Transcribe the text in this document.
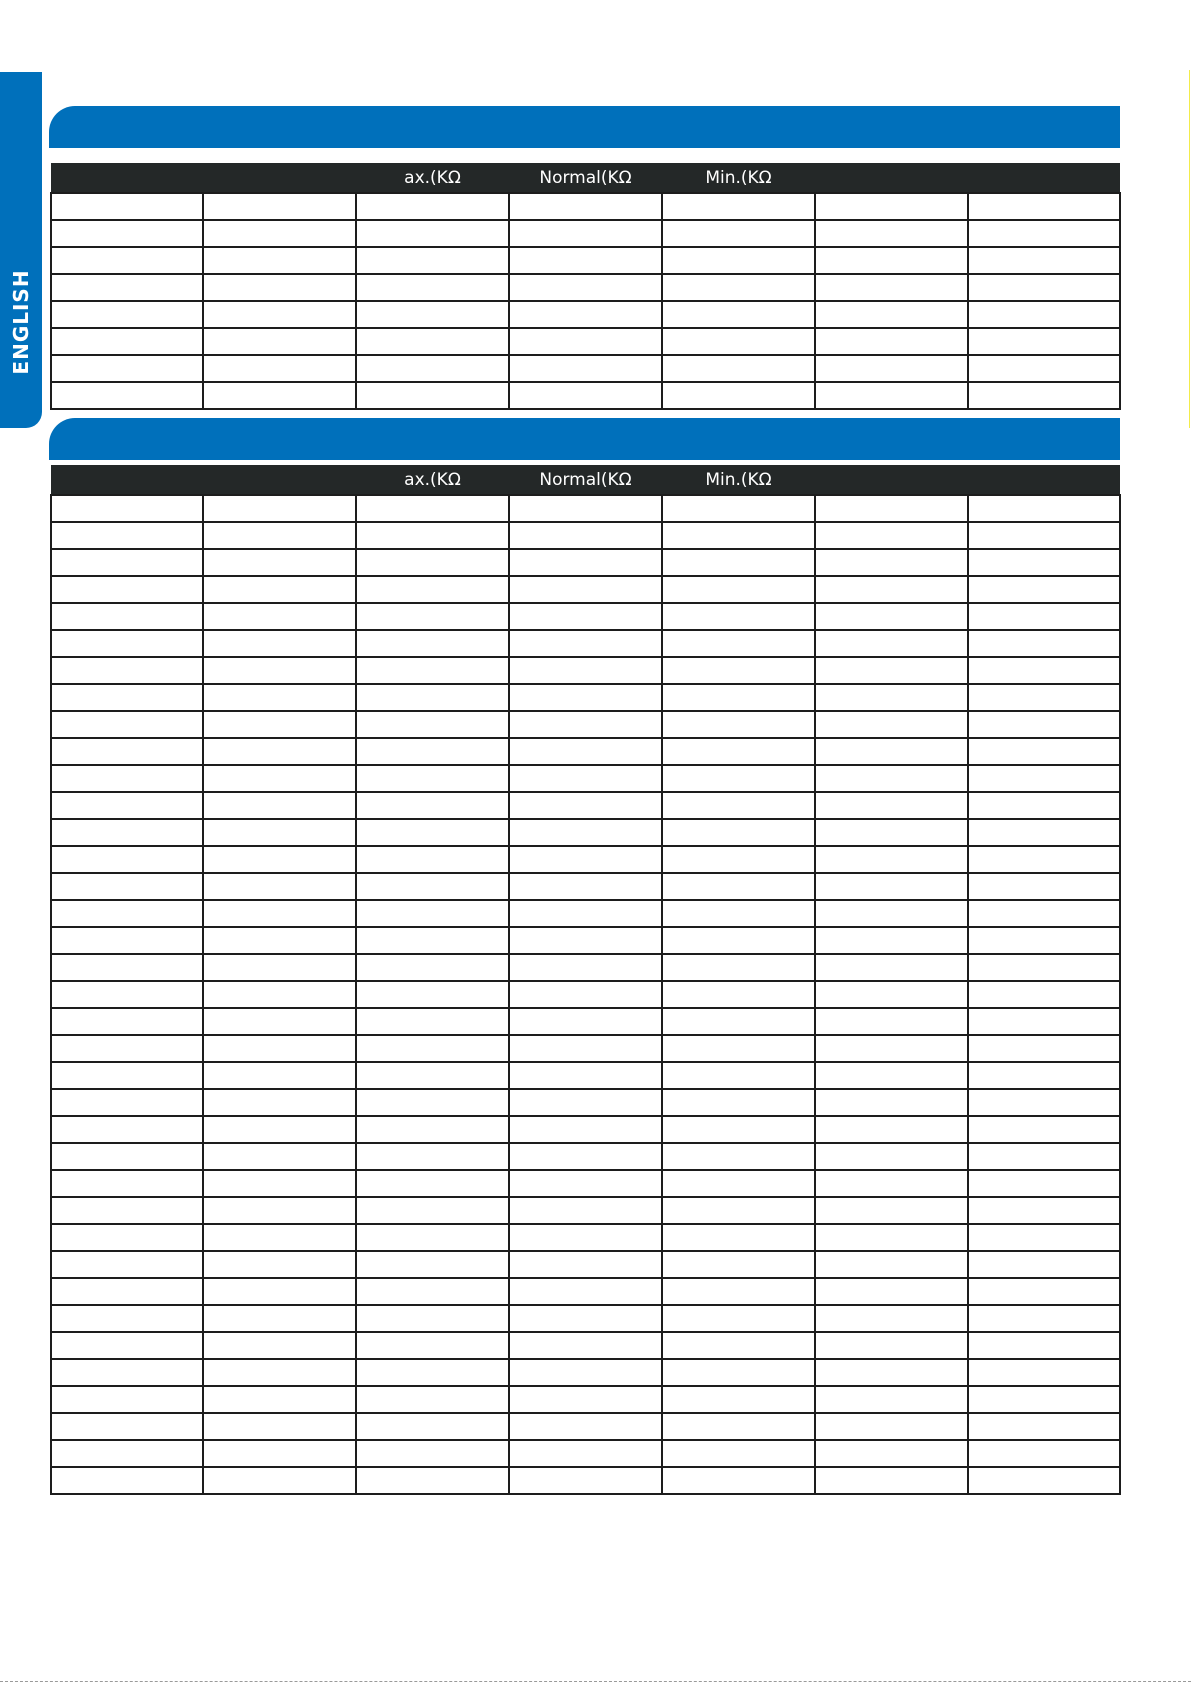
ENGLISH
		ax.(KΩ	Normal(KΩ	Min.(KΩ		

		ax.(KΩ	Normal(KΩ	Min.(KΩ		
